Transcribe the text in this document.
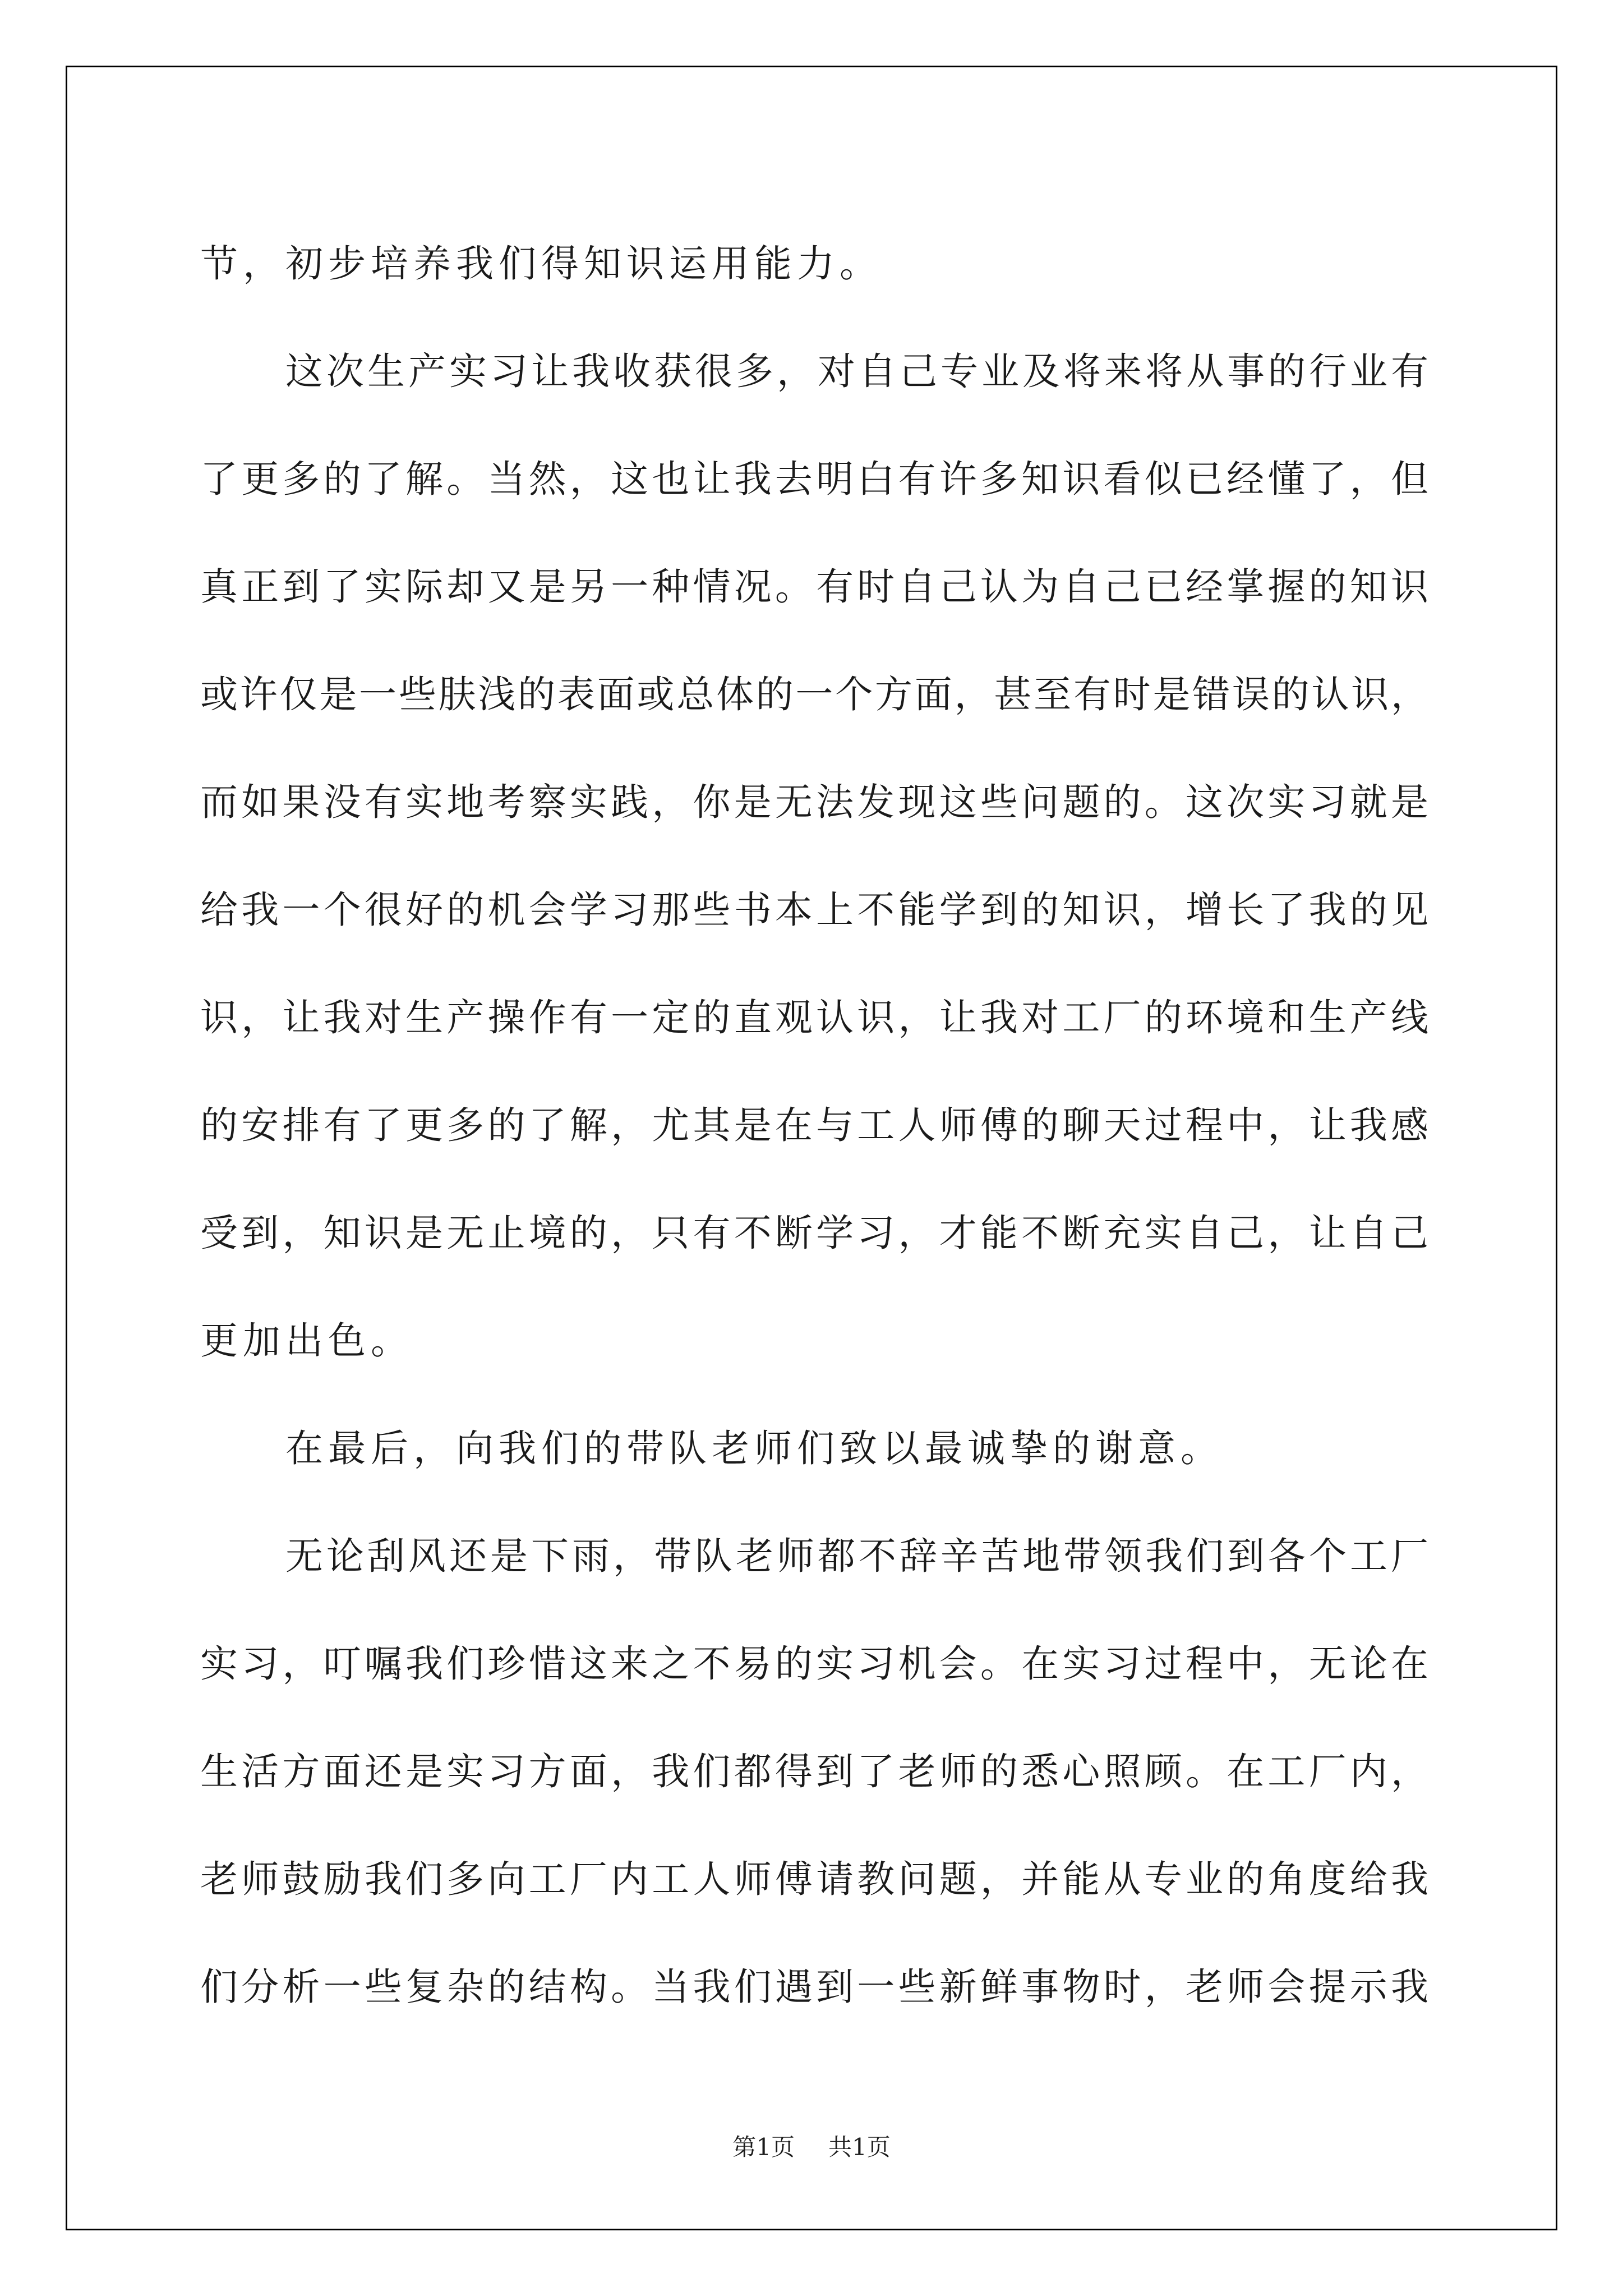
节，初步培养我们得知识运用能力。
这次生产实习让我收获很多，对自己专业及将来将从事的行业有
了更多的了解。当然，这也让我去明白有许多知识看似已经懂了，但
真正到了实际却又是另一种情况。有时自己认为自己已经掌握的知识
或许仅是一些肤浅的表面或总体的一个方面，甚至有时是错误的认识，
而如果没有实地考察实践，你是无法发现这些问题的。这次实习就是
给我一个很好的机会学习那些书本上不能学到的知识，增长了我的见
识，让我对生产操作有一定的直观认识，让我对工厂的环境和生产线
的安排有了更多的了解，尤其是在与工人师傅的聊天过程中，让我感
受到，知识是无止境的，只有不断学习，才能不断充实自己，让自己
更加出色。
在最后，向我们的带队老师们致以最诚挚的谢意。
无论刮风还是下雨，带队老师都不辞辛苦地带领我们到各个工厂
实习，叮嘱我们珍惜这来之不易的实习机会。在实习过程中，无论在
生活方面还是实习方面，我们都得到了老师的悉心照顾。在工厂内，
老师鼓励我们多向工厂内工人师傅请教问题，并能从专业的角度给我
们分析一些复杂的结构。当我们遇到一些新鲜事物时，老师会提示我
第1页 共1页
